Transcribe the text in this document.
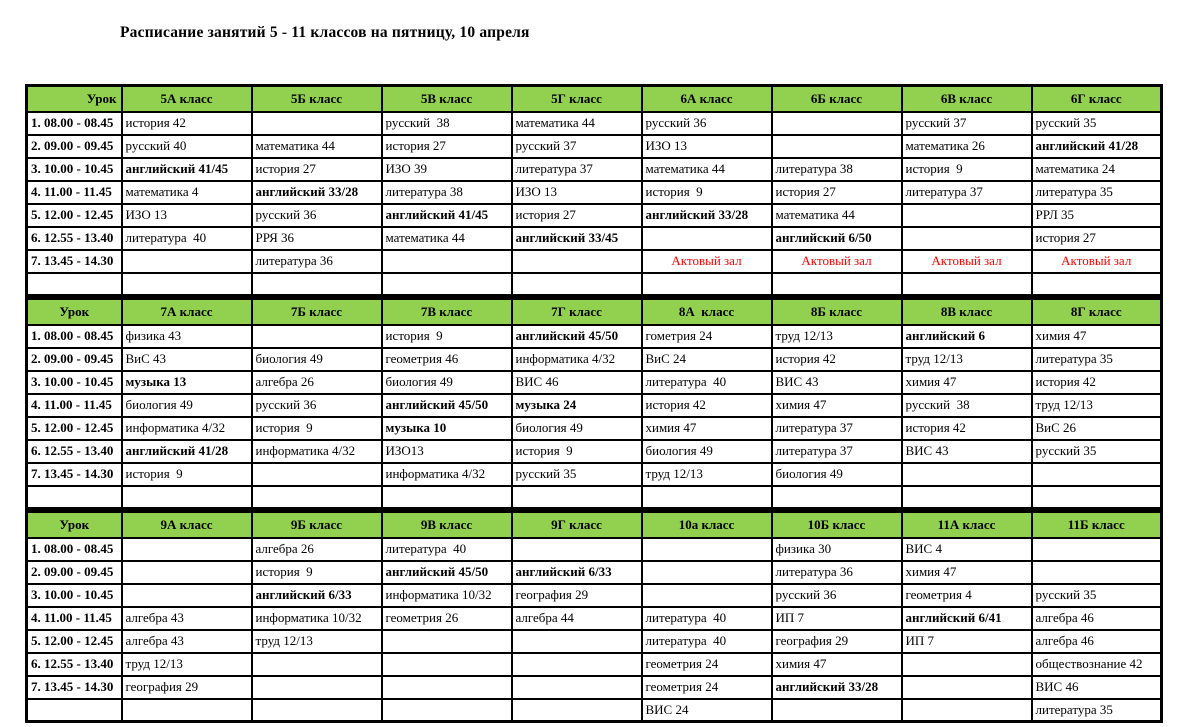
Расписание занятий 5 - 11 классов на пятницу, 10 апреля
Урок	5А класс	5Б класс	5В класс	5Г класс	6А класс	6Б класс	6В класс	6Г класс
1. 08.00 - 08.45	история 42		русский  38	математика 44	русский 36		русский 37	русский 35
2. 09.00 - 09.45	русский 40	математика 44	история 27	русский 37	ИЗО 13		математика 26	английский 41/28
3. 10.00 - 10.45	английский 41/45	история 27	ИЗО 39	литература 37	математика 44	литература 38	история  9	математика 24
4. 11.00 - 11.45	математика 4	английский 33/28	литература 38	ИЗО 13	история  9	история 27	литература 37	литература 35
5. 12.00 - 12.45	ИЗО 13	русский 36	английский 41/45	история 27	английский 33/28	математика 44		РРЛ 35
6. 12.55 - 13.40	литература  40	РРЯ 36	математика 44	английский 33/45		английский 6/50		история 27
7. 13.45 - 14.30		литература 36			Актовый зал	Актовый зал	Актовый зал	Актовый зал

Урок	7А класс	7Б класс	7В класс	7Г класс	8А  класс	8Б класс	8В класс	8Г класс
1. 08.00 - 08.45	физика 43		история  9	английский 45/50	гометрия 24	труд 12/13	английский 6	химия 47
2. 09.00 - 09.45	ВиС 43	биология 49	геометрия 46	информатика 4/32	ВиС 24	история 42	труд 12/13	литература 35
3. 10.00 - 10.45	музыка 13	алгебра 26	биология 49	ВИС 46	литература  40	ВИС 43	химия 47	история 42
4. 11.00 - 11.45	биология 49	русский 36	английский 45/50	музыка 24	история 42	химия 47	русский  38	труд 12/13
5. 12.00 - 12.45	информатика 4/32	история  9	музыка 10	биология 49	химия 47	литература 37	история 42	ВиС 26
6. 12.55 - 13.40	английский 41/28	информатика 4/32	ИЗО13	история  9	биология 49	литература 37	ВИС 43	русский 35
7. 13.45 - 14.30	история  9		информатика 4/32	русский 35	труд 12/13	биология 49		

Урок	9А класс	9Б класс	9В класс	9Г класс	10а класс	10Б класс	11А класс	11Б класс
1. 08.00 - 08.45		алгебра 26	литература  40			физика 30	ВИС 4	
2. 09.00 - 09.45		история  9	английский 45/50	английский 6/33		литература 36	химия 47	
3. 10.00 - 10.45		английский 6/33	информатика 10/32	география 29		русский 36	геометрия 4	русский 35
4. 11.00 - 11.45	алгебра 43	информатика 10/32	геометрия 26	алгебра 44	литература  40	ИП 7	английский 6/41	алгебра 46
5. 12.00 - 12.45	алгебра 43	труд 12/13			литература  40	география 29	ИП 7	алгебра 46
6. 12.55 - 13.40	труд 12/13				геометрия 24	химия 47		обществознание 42
7. 13.45 - 14.30	география 29				геометрия 24	английский 33/28		ВИС 46
					ВИС 24			литература 35
